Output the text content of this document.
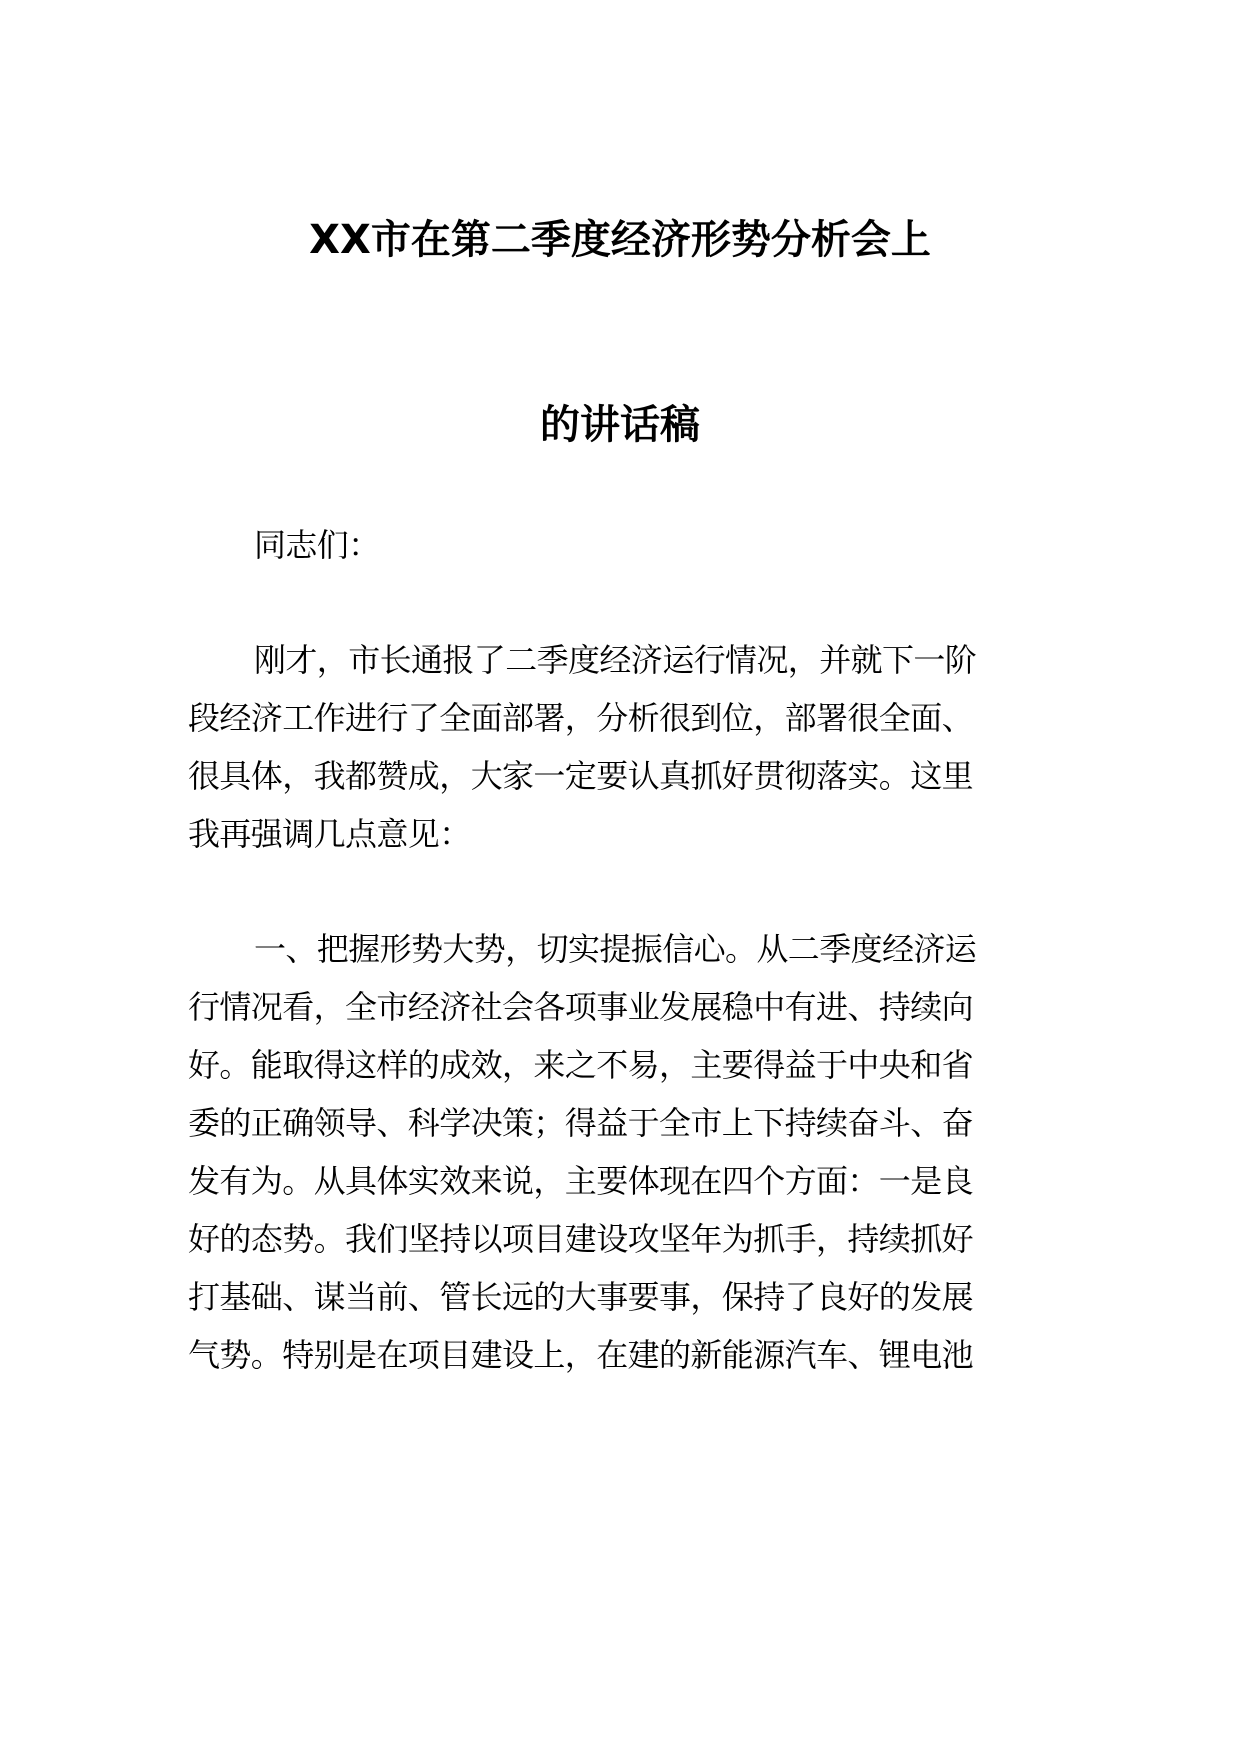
XX市在第二季度经济形势分析会上
的讲话稿
同志们：
刚才，市长通报了二季度经济运行情况，并就下一阶
段经济工作进行了全面部署，分析很到位，部署很全面、
很具体，我都赞成，大家一定要认真抓好贯彻落实。这里
我再强调几点意见：
一、把握形势大势，切实提振信心。从二季度经济运
行情况看，全市经济社会各项事业发展稳中有进、持续向
好。能取得这样的成效，来之不易，主要得益于中央和省
委的正确领导、科学决策；得益于全市上下持续奋斗、奋
发有为。从具体实效来说，主要体现在四个方面：一是良
好的态势。我们坚持以项目建设攻坚年为抓手，持续抓好
打基础、谋当前、管长远的大事要事，保持了良好的发展
气势。特别是在项目建设上，在建的新能源汽车、锂电池
